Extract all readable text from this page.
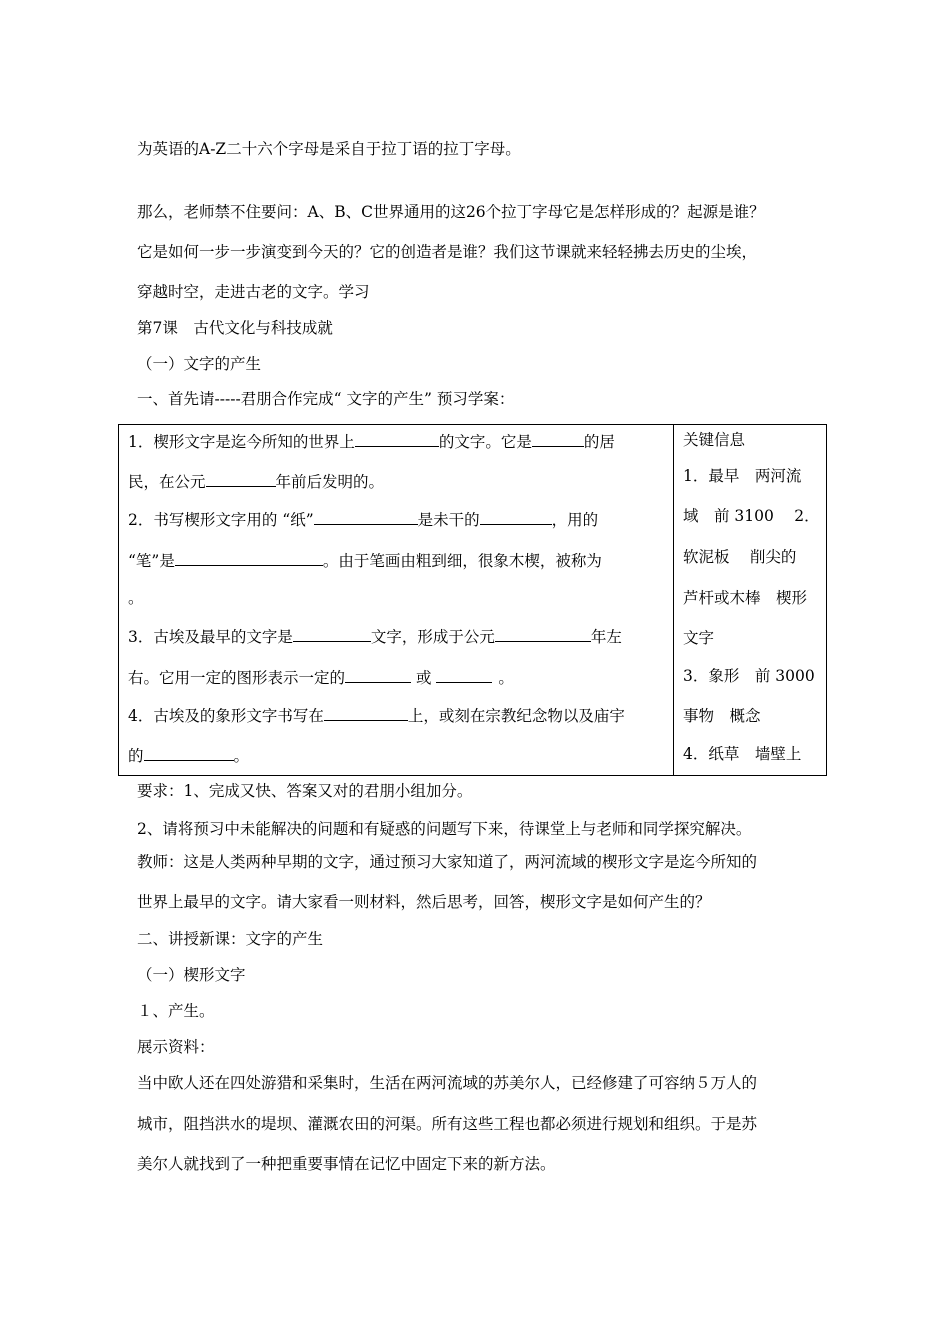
为英语的A-Z二十六个字母是采自于拉丁语的拉丁字母。
那么，老师禁不住要问：A、B、C世界通用的这26个拉丁字母它是怎样形成的？起源是谁？
它是如何一步一步演变到今天的？它的创造者是谁？我们这节课就来轻轻拂去历史的尘埃，
穿越时空，走进古老的文字。学习
第7课　古代文化与科技成就
（一）文字的产生
一、首先请-----君朋合作完成“ 文字的产生” 预习学案：
1．楔形文字是迄今所知的世界上	的文字。它是	的居
民，在公元	年前后发明的。
2．书写楔形文字用的 “纸”	是未干的	，用的
“笔”是	。由于笔画由粗到细，很象木楔，被称为
。
3．古埃及最早的文字是	文字，形成于公元	年左
右。它用一定的图形表示一定的	或	。
4．古埃及的象形文字书写在	上，或刻在宗教纪念物以及庙宇
的	。

关键信息
1．最早　两河流
域　前 3100　 2．
软泥板　 削尖的
芦杆或木棒　楔形
文字
3．象形　前 3000
事物　概念
4．纸草　墙壁上
要求：1、完成又快、答案又对的君朋小组加分。
2、请将预习中未能解决的问题和有疑惑的问题写下来，待课堂上与老师和同学探究解决。
教师：这是人类两种早期的文字，通过预习大家知道了，两河流域的楔形文字是迄今所知的
世界上最早的文字。请大家看一则材料，然后思考，回答，楔形文字是如何产生的？
二、讲授新课：文字的产生
（一）楔形文字
１、产生。
展示资料：
当中欧人还在四处游猎和采集时，生活在两河流域的苏美尔人，已经修建了可容纳５万人的
城市，阻挡洪水的堤坝、灌溉农田的河渠。所有这些工程也都必须进行规划和组织。于是苏
美尔人就找到了一种把重要事情在记忆中固定下来的新方法。
